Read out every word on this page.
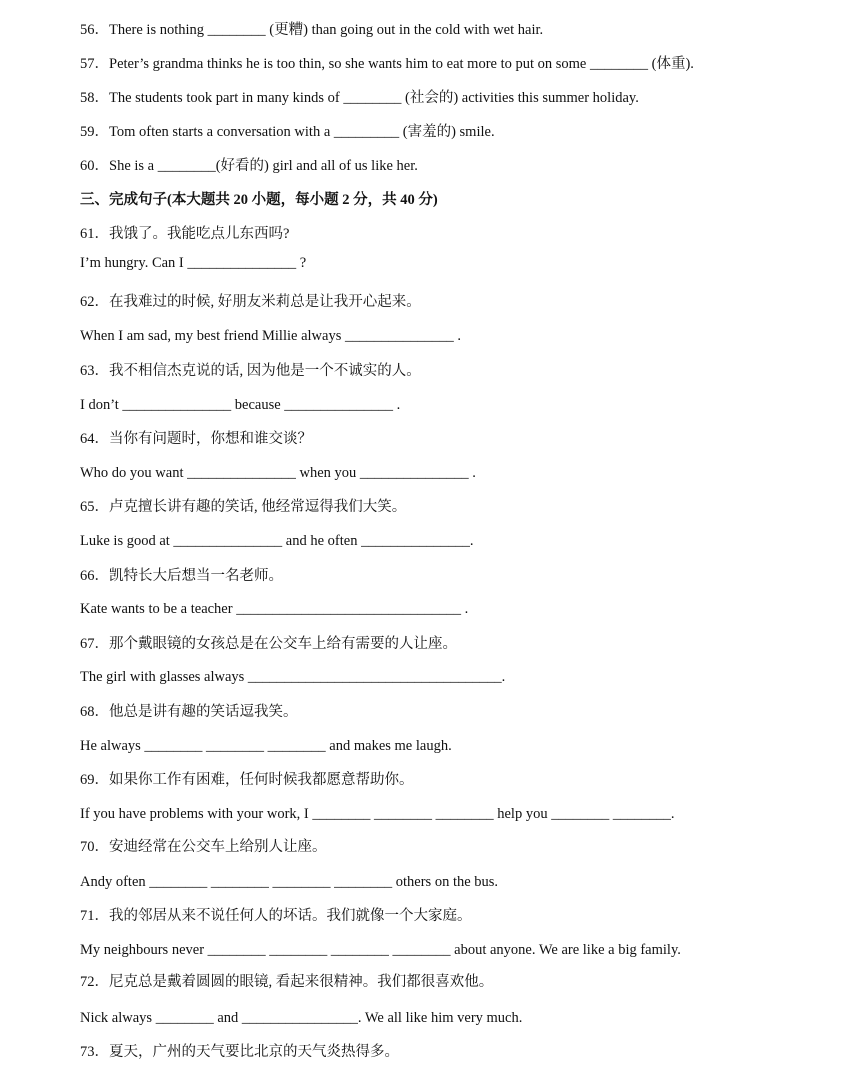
56．There is nothing ________ (更糟) than going out in the cold with wet hair.
57．Peter’s grandma thinks he is too thin, so she wants him to eat more to put on some ________ (体重).
58．The students took part in many kinds of ________ (社会的) activities this summer holiday.
59．Tom often starts a conversation with a _________ (害羞的) smile.
60．She is a ________(好看的) girl and all of us like her.
三、完成句子(本大题共 20 小题，每小题 2 分，共 40 分)
61．我饿了。我能吃点儿东西吗?
I’m hungry. Can I _______________ ?
62．在我难过的时候, 好朋友米莉总是让我开心起来。
When I am sad, my best friend Millie always _______________ .
63．我不相信杰克说的话, 因为他是一个不诚实的人。
I don’t _______________ because _______________ .
64．当你有问题时，你想和谁交谈？
Who do you want _______________ when you _______________ .
65．卢克擅长讲有趣的笑话, 他经常逗得我们大笑。
Luke is good at _______________ and he often _______________.
66．凯特长大后想当一名老师。
Kate wants to be a teacher _______________________________ .
67．那个戴眼镜的女孩总是在公交车上给有需要的人让座。
The girl with glasses always ___________________________________.
68．他总是讲有趣的笑话逗我笑。
He always ________ ________ ________ and makes me laugh.
69．如果你工作有困难，任何时候我都愿意帮助你。
If you have problems with your work, I ________ ________ ________ help you ________ ________.
70．安迪经常在公交车上给别人让座。
Andy often ________ ________ ________ ________ others on the bus.
71．我的邻居从来不说任何人的坏话。我们就像一个大家庭。
My neighbours never ________ ________ ________ ________ about anyone. We are like a big family.
72．尼克总是戴着圆圆的眼镜, 看起来很精神。我们都很喜欢他。
Nick always ________ and ________________. We all like him very much.
73．夏天，广州的天气要比北京的天气炎热得多。
